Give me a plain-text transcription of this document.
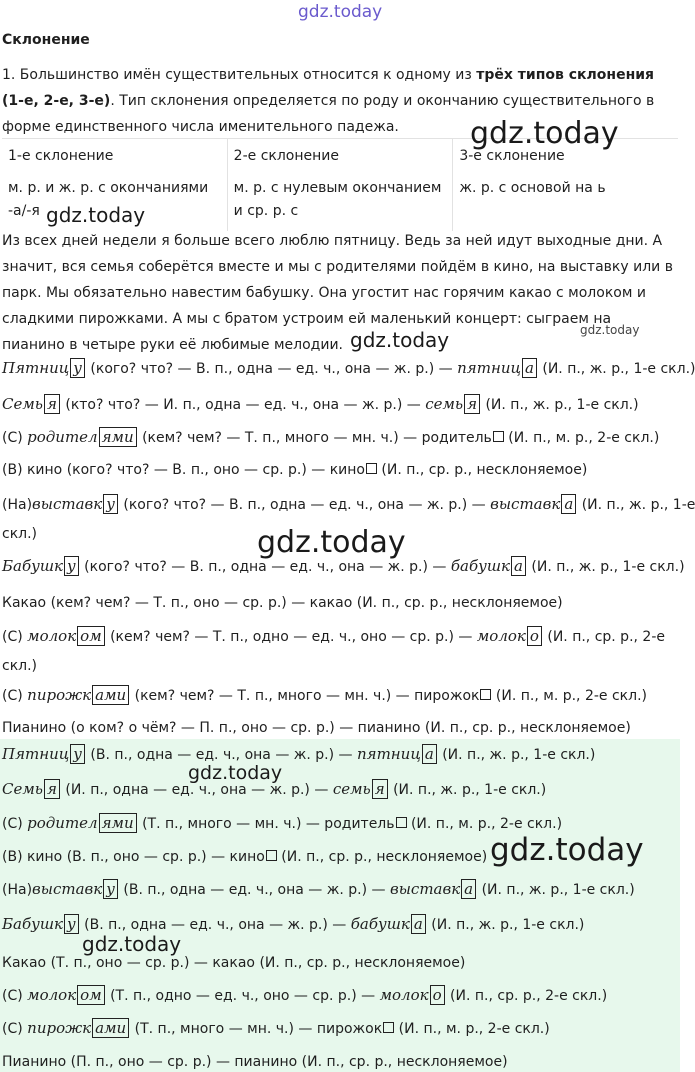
gdz.today
gdz.today
gdz.today
gdz.today	gdz.today
gdz.today
gdz.today
gdz.today
gdz.today
Склонение
1. Большинство имён существительных относится к одному из трёх типов склонения (1-е, 2-е, 3-е). Тип склонения определяется по роду и окончанию существительного в форме единственного числа именительного падежа.
1-е склонение
м. р. и ж. р. с окончаниями -а/-я
2-е склонение
м. р. с нулевым окончанием и ср. р. с
3-е склонение
ж. р. с основой на ь
Из всех дней недели я больше всего люблю пятницу. Ведь за ней идут выходные дни. А значит, вся семья соберётся вместе и мы с родителями пойдём в кино, на выставку или в парк. Мы обязательно навестим бабушку. Она угостит нас горячим какао с молоком и сладкими пирожками. А мы с братом устроим ей маленький концерт: сыграем на пианино в четыре руки её любимые мелодии.
Пятниц у (кого? что? — В. п., одна — ед. ч., она — ж. р.) — пятниц а (И. п., ж. р., 1-е скл.)
Семь я (кто? что? — И. п., одна — ед. ч., она — ж. р.) — семь я (И. п., ж. р., 1-е скл.)
(С) родител ями (кем? чем? — Т. п., много — мн. ч.) — родитель (И. п., м. р., 2-е скл.)
(В) кино (кого? что? — В. п., оно — ср. р.) — кино (И. п., ср. р., несклоняемое)
(На)выставк у (кого? что? — В. п., одна — ед. ч., она — ж. р.) — выставк а (И. п., ж. р., 1-е
скл.)
Бабушк у (кого? что? — В. п., одна — ед. ч., она — ж. р.) — бабушк а (И. п., ж. р., 1-е скл.)
Какао (кем? чем? — Т. п., оно — ср. р.) — какао (И. п., ср. р., несклоняемое)
(С) молок ом (кем? чем? — Т. п., одно — ед. ч., оно — ср. р.) — молок о (И. п., ср. р., 2-е
скл.)
(С) пирожк ами (кем? чем? — Т. п., много — мн. ч.) — пирожок (И. п., м. р., 2-е скл.)
Пианино (о ком? о чём? — П. п., оно — ср. р.) — пианино (И. п., ср. р., несклоняемое)
Пятниц у (В. п., одна — ед. ч., она — ж. р.) — пятниц а (И. п., ж. р., 1-е скл.)
Семь я (И. п., одна — ед. ч., она — ж. р.) — семь я (И. п., ж. р., 1-е скл.)
(С) родител ями (Т. п., много — мн. ч.) — родитель (И. п., м. р., 2-е скл.)
(В) кино (В. п., оно — ср. р.) — кино (И. п., ср. р., несклоняемое)
(На)выставк у (В. п., одна — ед. ч., она — ж. р.) — выставк а (И. п., ж. р., 1-е скл.)
Бабушк у (В. п., одна — ед. ч., она — ж. р.) — бабушк а (И. п., ж. р., 1-е скл.)
Какао (Т. п., оно — ср. р.) — какао (И. п., ср. р., несклоняемое)
(С) молок ом (Т. п., одно — ед. ч., оно — ср. р.) — молок о (И. п., ср. р., 2-е скл.)
(С) пирожк ами (Т. п., много — мн. ч.) — пирожок (И. п., м. р., 2-е скл.)
Пианино (П. п., оно — ср. р.) — пианино (И. п., ср. р., несклоняемое)
